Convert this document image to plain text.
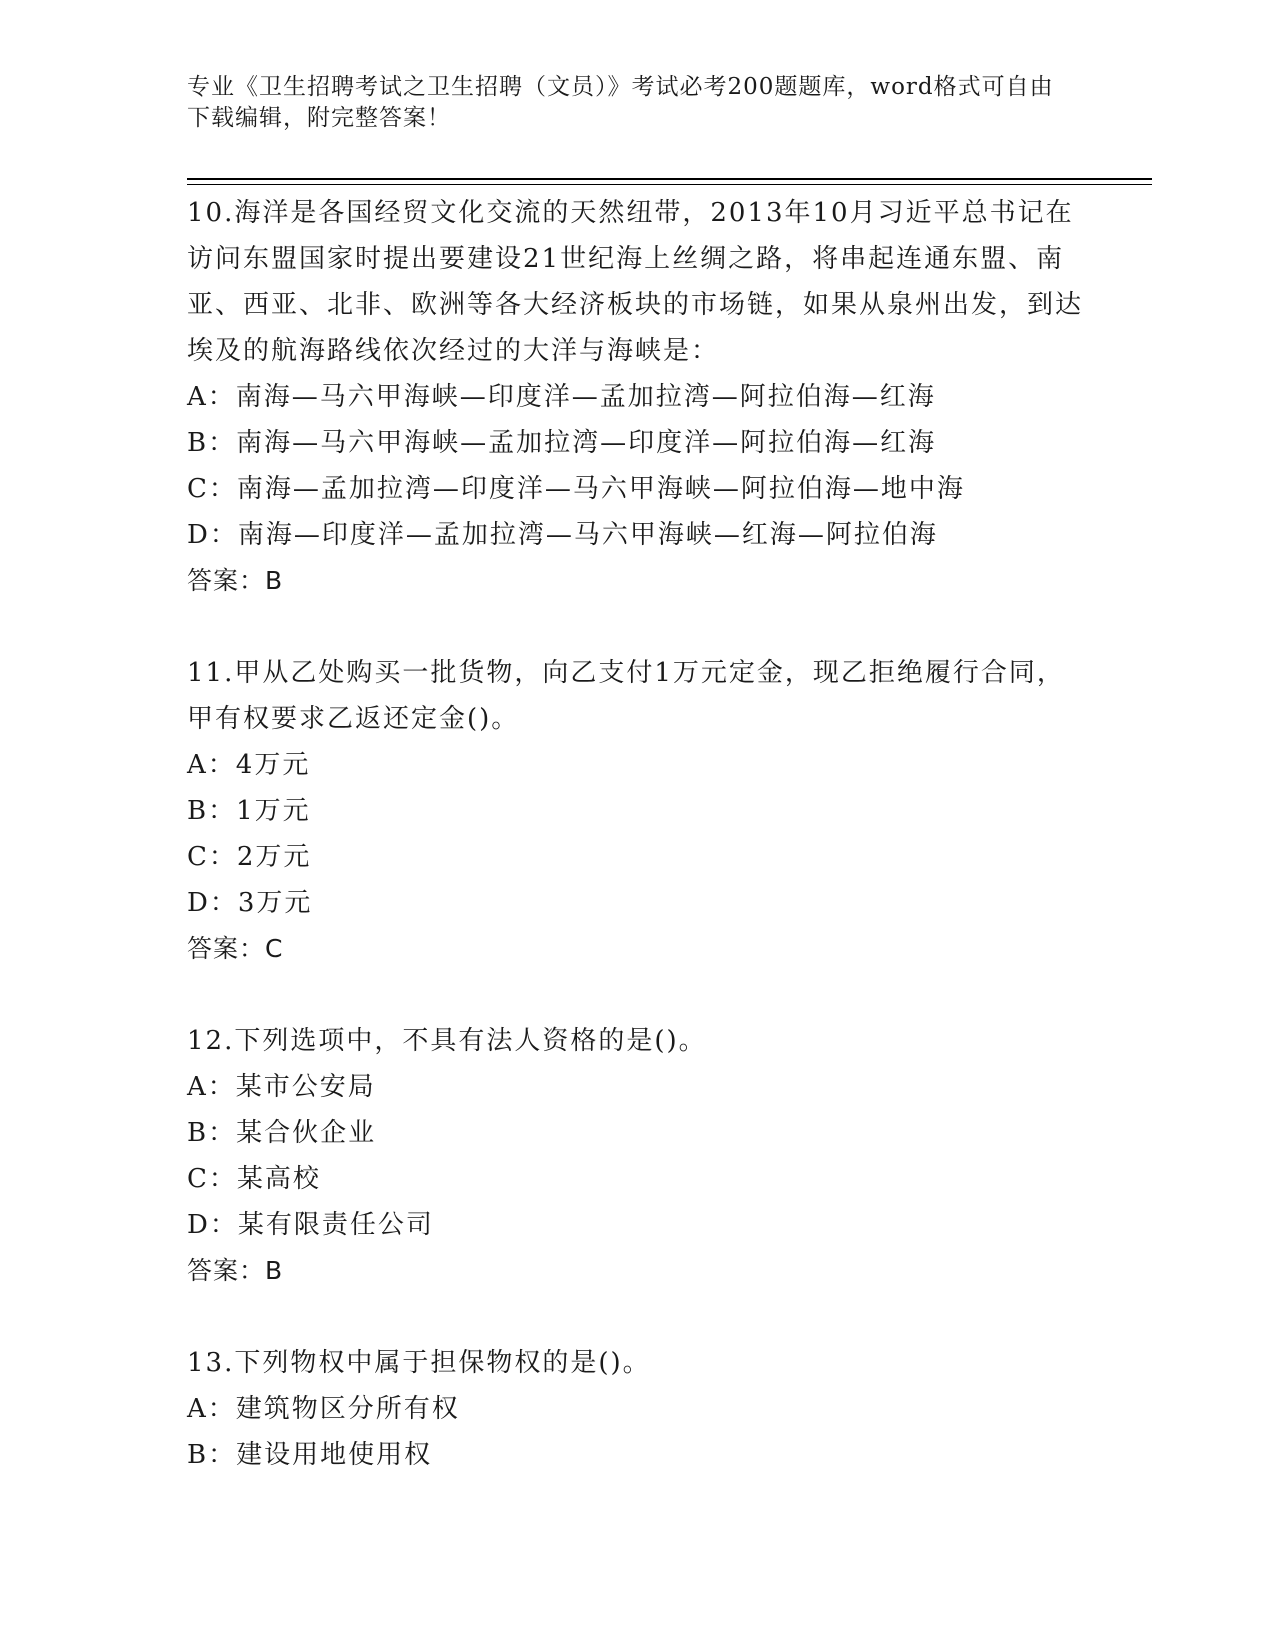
专业《卫生招聘考试之卫生招聘（文员）》考试必考200题题库，word格式可自由下载编辑，附完整答案！
10.海洋是各国经贸文化交流的天然纽带，2013年10月习近平总书记在访问东盟国家时提出要建设21世纪海上丝绸之路，将串起连通东盟、南亚、西亚、北非、欧洲等各大经济板块的市场链，如果从泉州出发，到达埃及的航海路线依次经过的大洋与海峡是：
A：南海—马六甲海峡—印度洋—孟加拉湾—阿拉伯海—红海
B：南海—马六甲海峡—孟加拉湾—印度洋—阿拉伯海—红海
C：南海—孟加拉湾—印度洋—马六甲海峡—阿拉伯海—地中海
D：南海—印度洋—孟加拉湾—马六甲海峡—红海—阿拉伯海
答案：B
11.甲从乙处购买一批货物，向乙支付1万元定金，现乙拒绝履行合同，甲有权要求乙返还定金()。
A：4万元
B：1万元
C：2万元
D：3万元
答案：C
12.下列选项中，不具有法人资格的是()。
A：某市公安局
B：某合伙企业
C：某高校
D：某有限责任公司
答案：B
13.下列物权中属于担保物权的是()。
A：建筑物区分所有权
B：建设用地使用权
